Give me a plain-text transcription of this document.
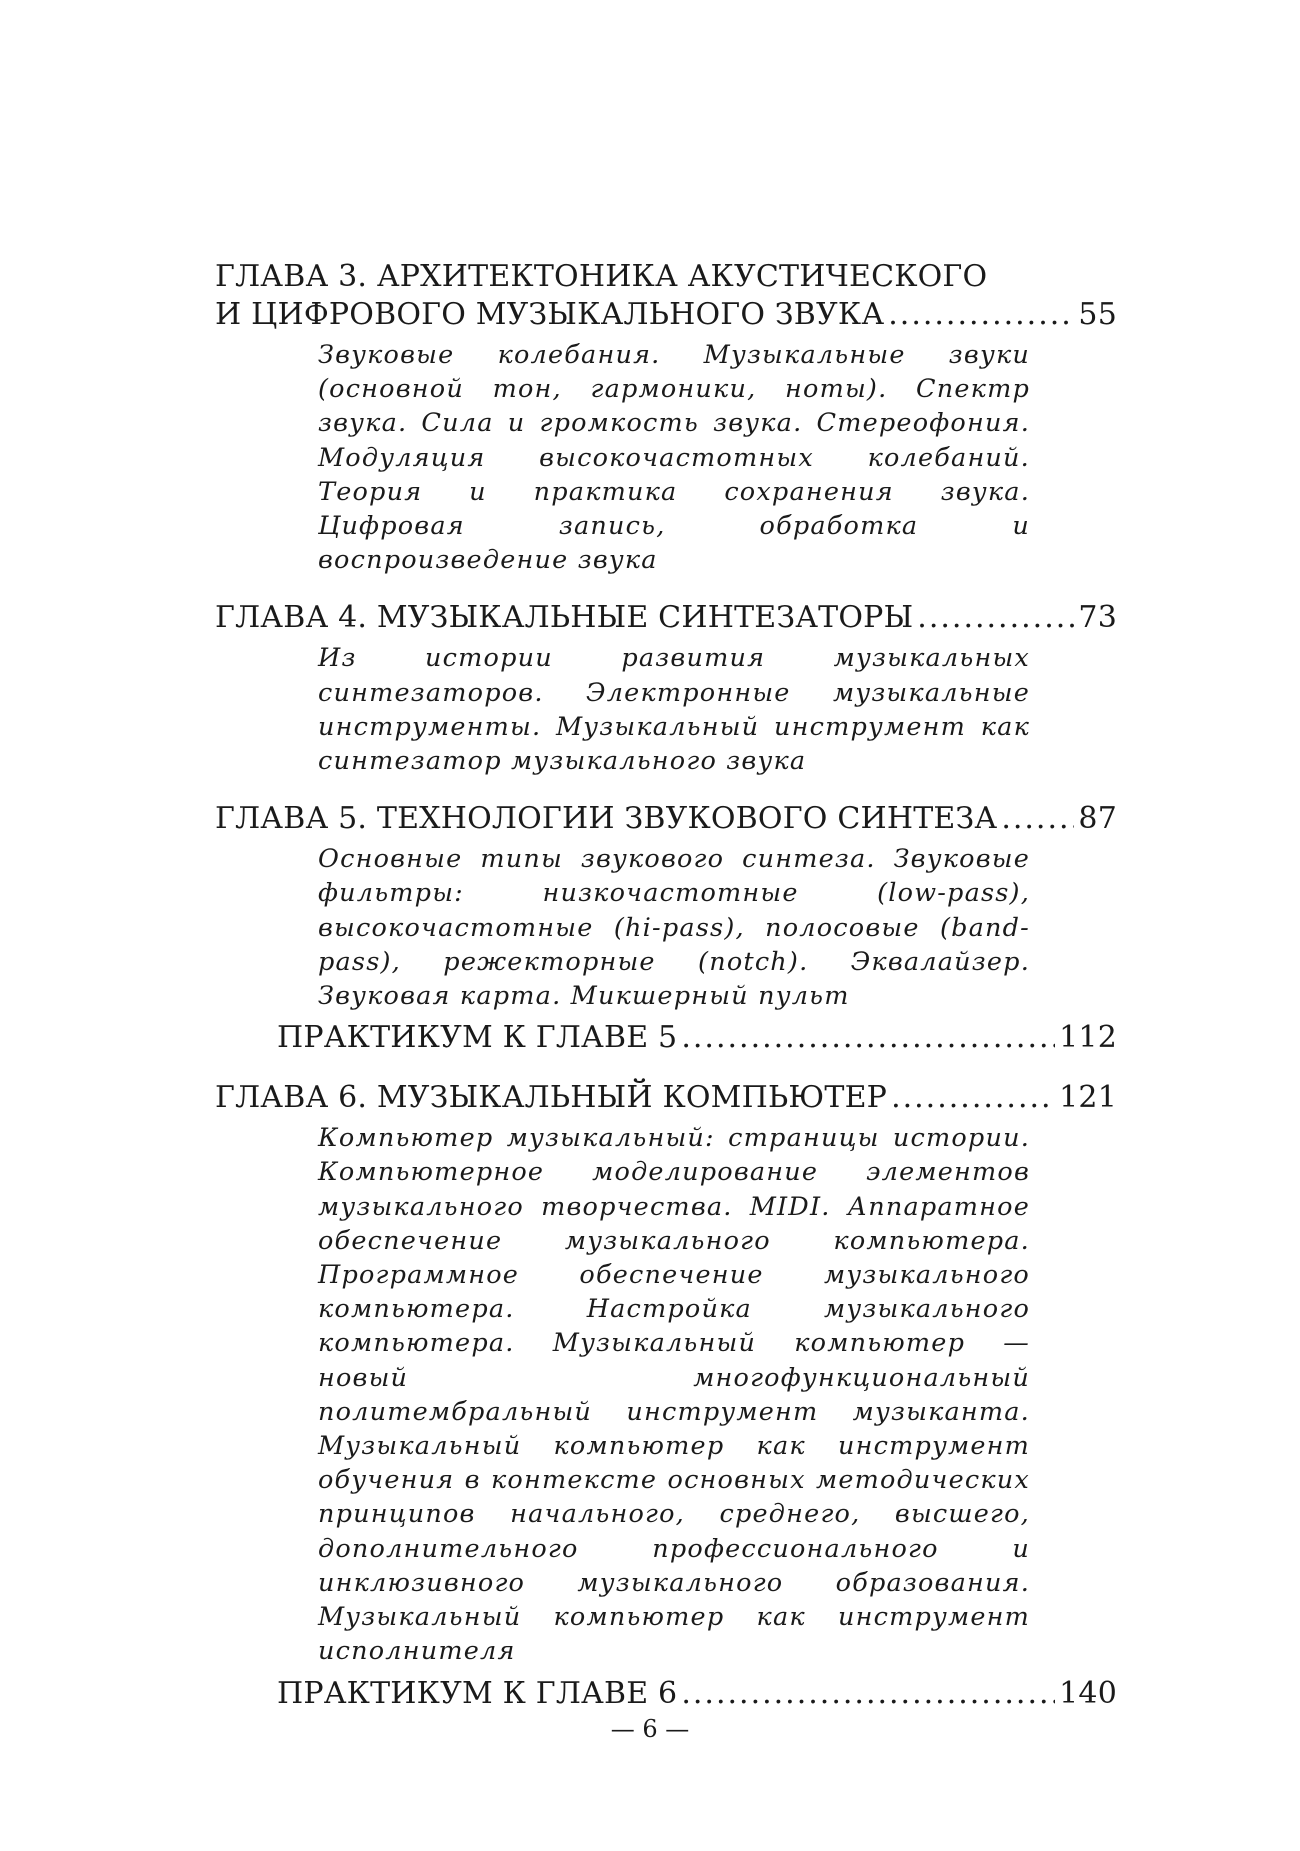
ГЛАВА 3. АРХИТЕКТОНИКА АКУСТИЧЕСКОГО
И ЦИФРОВОГО МУЗЫКАЛЬНОГО ЗВУКА .....	55
Звуковые колебания. Музыкальные звуки (основной тон, гармоники, ноты). Спектр звука. Сила и громкость звука. Стереофония. Модуляция высокочастотных колебаний. Теория и практика сохранения звука. Цифровая запись, обработка и воспроизведение звука
ГЛАВА 4. МУЗЫКАЛЬНЫЕ СИНТЕЗАТОРЫ .....	73
Из истории развития музыкальных синтезаторов. Электронные музыкальные инструменты. Музыкальный инструмент как синтезатор музыкального звука
ГЛАВА 5. ТЕХНОЛОГИИ ЗВУКОВОГО СИНТЕЗА .....	87
Основные типы звукового синтеза. Звуковые фильтры: низкочастотные (low-pass), высокочастотные (hi-pass), полосовые (band-pass), режекторные (notch). Эквалайзер. Звуковая карта. Микшерный пульт
ПРАКТИКУМ К ГЛАВЕ 5 .....	112
ГЛАВА 6. МУЗЫКАЛЬНЫЙ КОМПЬЮТЕР .....	121
Компьютер музыкальный: страницы истории. Компьютерное моделирование элементов музыкального творчества. MIDI. Аппаратное обеспечение музыкального компьютера. Программное обеспечение музыкального компьютера. Настройка музыкального компьютера. Музыкальный компьютер — новый многофункциональный политембральный инструмент музыканта. Музыкальный компьютер как инструмент обучения в контексте основных методических принципов начального, среднего, высшего, дополнительного профессионального и инклюзивного музыкального образования. Музыкальный компьютер как инструмент исполнителя
ПРАКТИКУМ К ГЛАВЕ 6 .....	140
— 6 —
